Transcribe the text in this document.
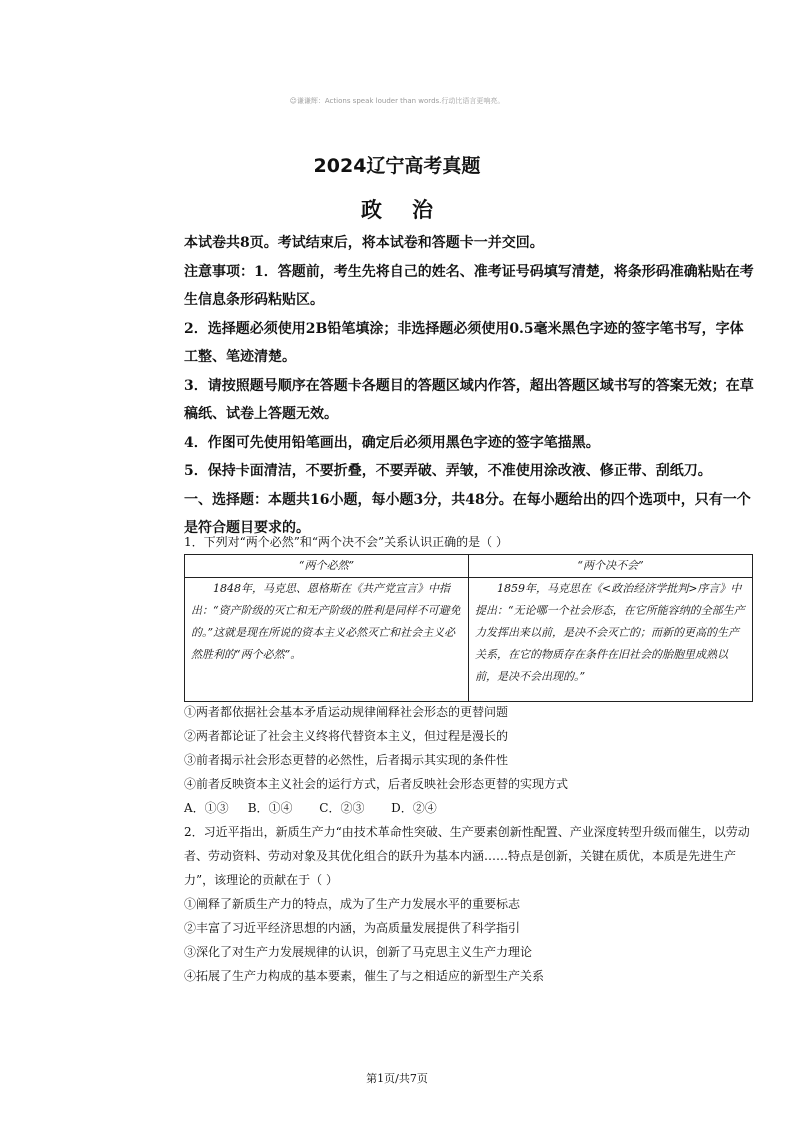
☺谦谦辉：Actions speak louder than words.行动比语言更响亮。
2024辽宁高考真题
政治

本试卷共8页。考试结束后，将本试卷和答题卡一并交回。

注意事项：1．答题前，考生先将自己的姓名、准考证号码填写清楚，将条形码准确粘贴在考生信息条形码粘贴区。

2．选择题必须使用2B铅笔填涂；非选择题必须使用0.5毫米黑色字迹的签字笔书写，字体工整、笔迹清楚。

3．请按照题号顺序在答题卡各题目的答题区域内作答，超出答题区域书写的答案无效；在草稿纸、试卷上答题无效。

4．作图可先使用铅笔画出，确定后必须用黑色字迹的签字笔描黑。

5．保持卡面清洁，不要折叠，不要弄破、弄皱，不准使用涂改液、修正带、刮纸刀。

一、选择题：本题共16小题，每小题3分，共48分。在每小题给出的四个选项中，只有一个是符合题目要求的。

1．下列对“两个必然”和“两个决不会”关系认识正确的是（ ）

“两个必然”	“两个决不会”

1848年，马克思、恩格斯在《共产党宣言》中指出：“资产阶级的灭亡和无产阶级的胜利是同样不可避免的。”这就是现在所说的资本主义必然灭亡和社会主义必然胜利的“两个必然”。	1859年，马克思在《<政治经济学批判>序言》中提出：“无论哪一个社会形态，在它所能容纳的全部生产力发挥出来以前，是决不会灭亡的；而新的更高的生产关系，在它的物质存在条件在旧社会的胎胞里成熟以前，是决不会出现的。”

①两者都依据社会基本矛盾运动规律阐释社会形态的更替问题

②两者都论证了社会主义终将代替资本主义，但过程是漫长的

③前者揭示社会形态更替的必然性，后者揭示其实现的条件性

④前者反映资本主义社会的运行方式，后者反映社会形态更替的实现方式

A．①③     B．①④       C．②③       D．②④

2．习近平指出，新质生产力“由技术革命性突破、生产要素创新性配置、产业深度转型升级而催生，以劳动者、劳动资料、劳动对象及其优化组合的跃升为基本内涵……特点是创新，关键在质优，本质是先进生产力”，该理论的贡献在于（ ）

①阐释了新质生产力的特点，成为了生产力发展水平的重要标志

②丰富了习近平经济思想的内涵，为高质量发展提供了科学指引

③深化了对生产力发展规律的认识，创新了马克思主义生产力理论

④拓展了生产力构成的基本要素，催生了与之相适应的新型生产关系

第1页/共7页
